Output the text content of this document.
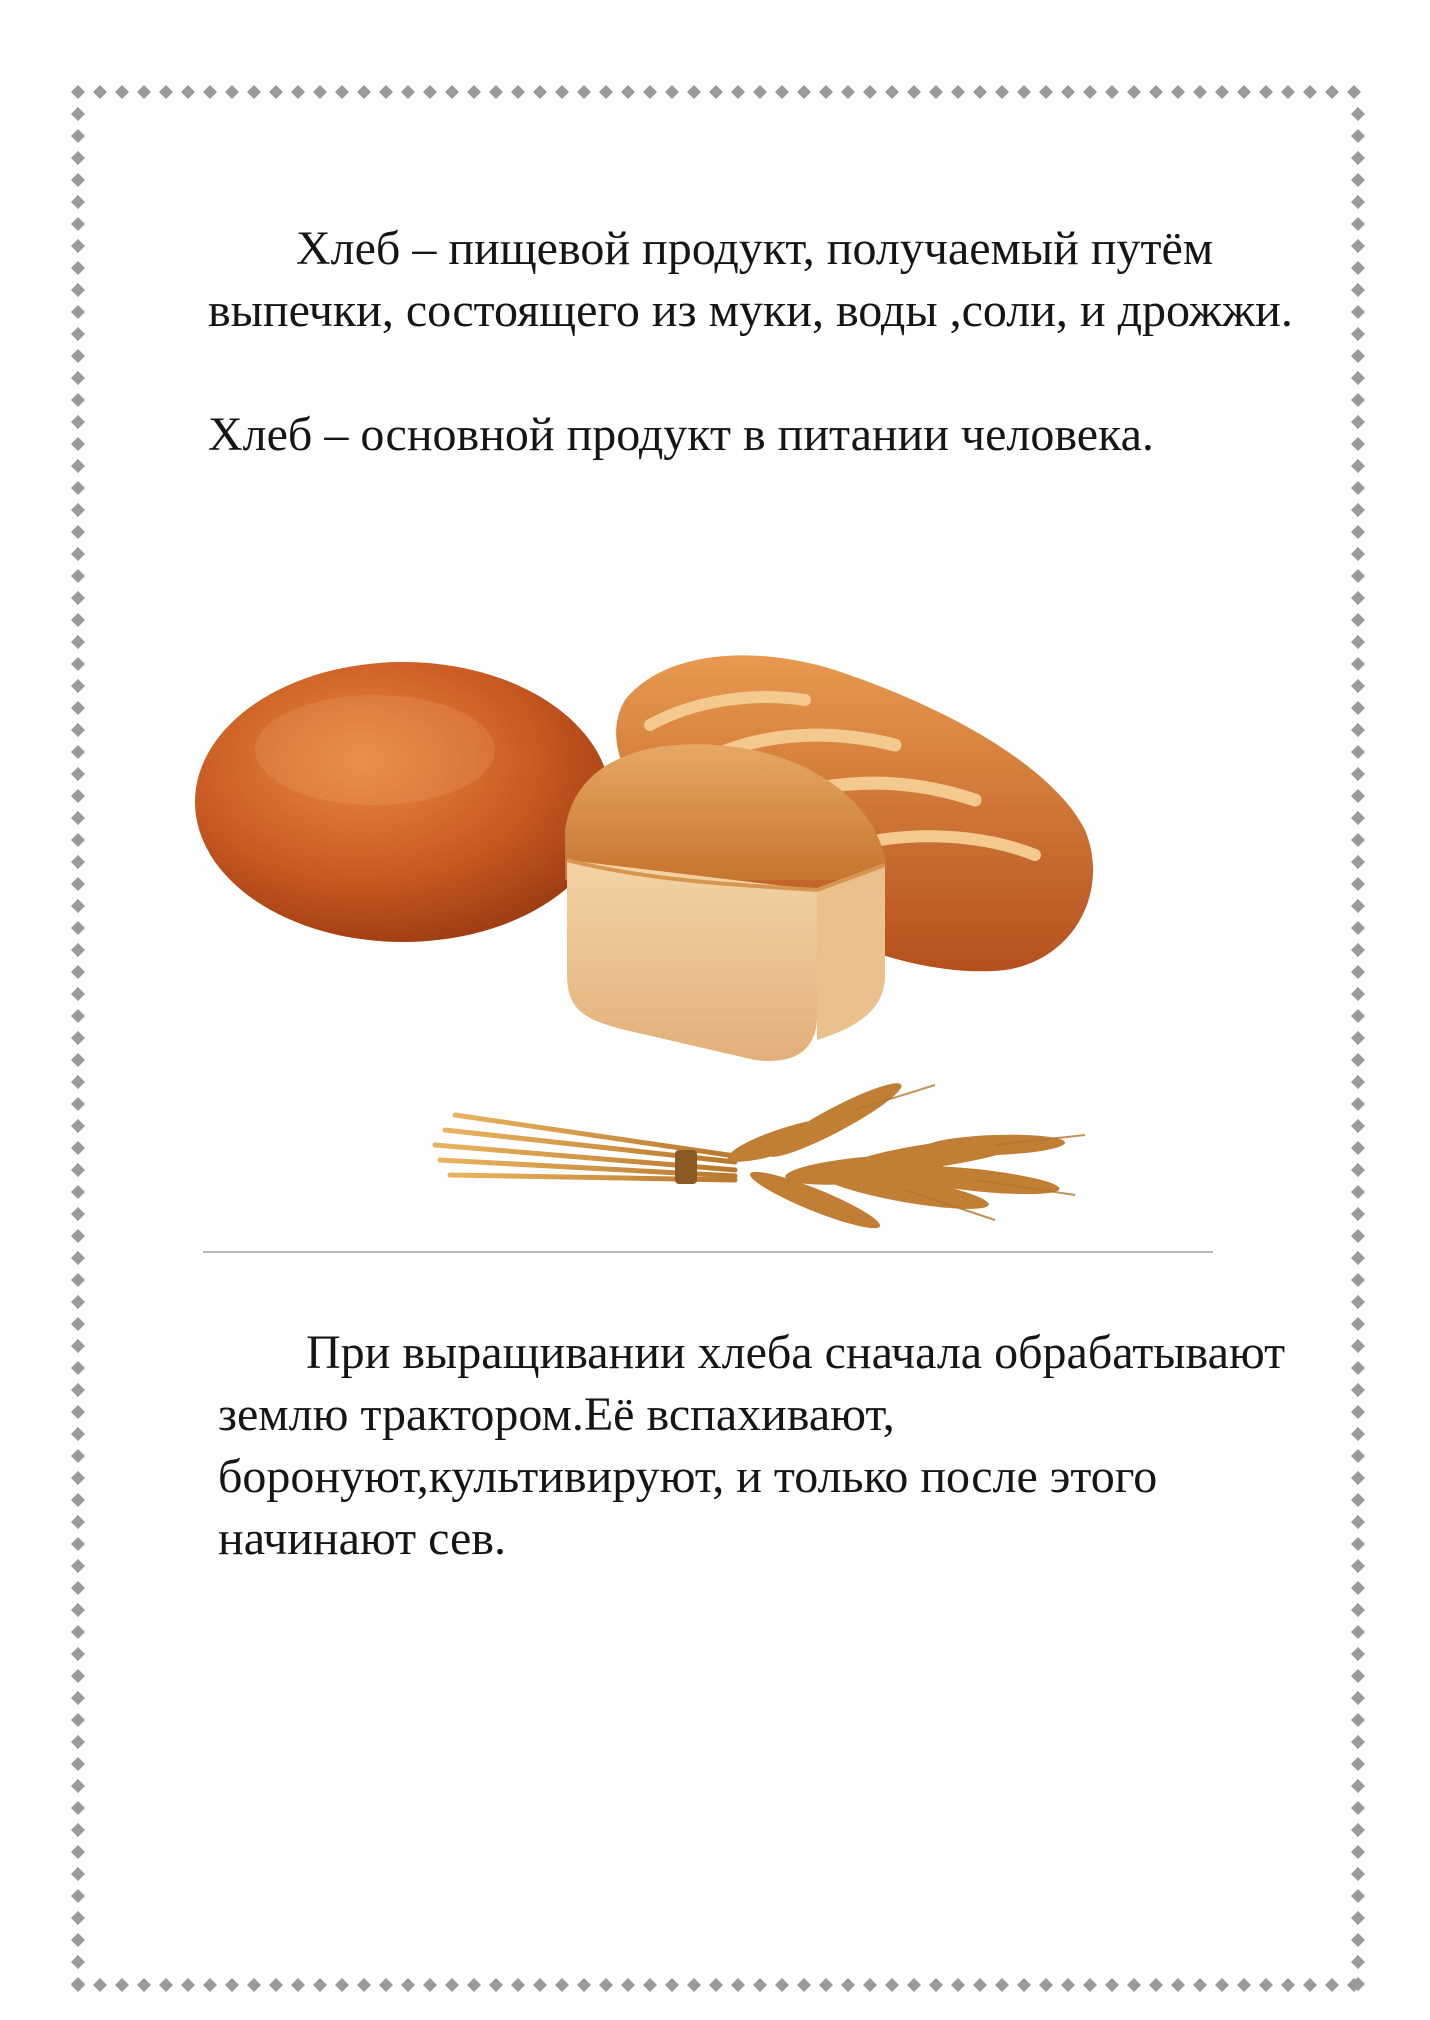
Хлеб – пищевой продукт, получаемый путём выпечки, состоящего из муки, воды ,соли, и дрожжи.

Хлеб – основной продукт в питании человека.

При выращивании хлеба сначала обрабатывают землю трактором.Её вспахивают, боронуют,культивируют, и только после этого начинают сев.
